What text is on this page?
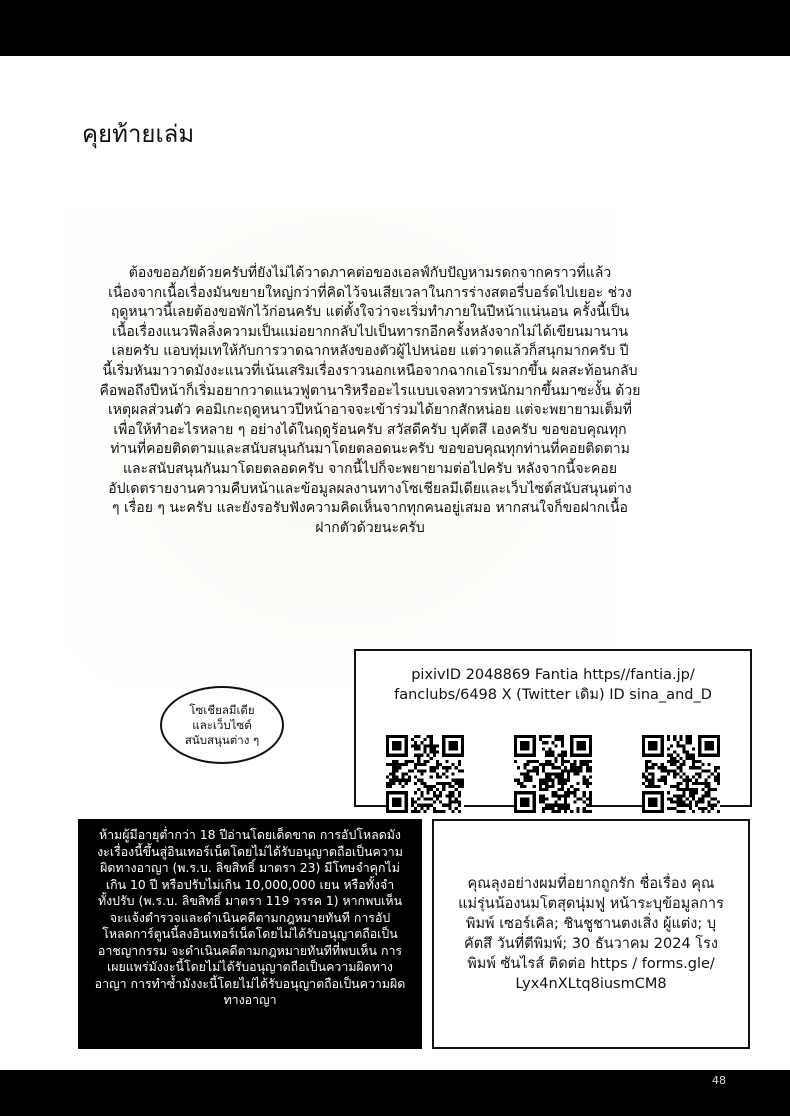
คุยท้ายเล่ม

ต้องขออภัยด้วยครับที่ยังไม่ได้วาดภาคต่อของเอลฟ์กับปัญหามรดกจากคราวที่แล้ว
เนื่องจากเนื้อเรื่องมันขยายใหญ่กว่าที่คิดไว้จนเสียเวลาในการร่างสตอรี่บอร์ดไปเยอะ ช่วง
ฤดูหนาวนี้เลยต้องขอพักไว้ก่อนครับ แต่ตั้งใจว่าจะเริ่มทำภายในปีหน้าแน่นอน ครั้งนี้เป็น
เนื้อเรื่องแนวฟีลลิ่งความเป็นแม่อยากกลับไปเป็นทารกอีกครั้งหลังจากไม่ได้เขียนมานาน
เลยครับ แอบทุ่มเทให้กับการวาดฉากหลังของตัวผู้ไปหน่อย แต่วาดแล้วก็สนุกมากครับ ปี
นี้เริ่มหันมาวาดมังงะแนวที่เน้นเสริมเรื่องราวนอกเหนือจากฉากเอโรมากขึ้น ผลสะท้อนกลับ
คือพอถึงปีหน้าก็เริ่มอยากวาดแนวฟูตานาริหรืออะไรแบบเจลทวารหนักมากขึ้นมาซะงั้น ด้วย
เหตุผลส่วนตัว คอมิเกะฤดูหนาวปีหน้าอาจจะเข้าร่วมได้ยากสักหน่อย แต่จะพยายามเต็มที่
เพื่อให้ทำอะไรหลาย ๆ อย่างได้ในฤดูร้อนครับ สวัสดีครับ บุคัตสึ เองครับ ขอขอบคุณทุก
ท่านที่คอยติดตามและสนับสนุนกันมาโดยตลอดนะครับ ขอขอบคุณทุกท่านที่คอยติดตาม
และสนับสนุนกันมาโดยตลอดครับ จากนี้ไปก็จะพยายามต่อไปครับ หลังจากนี้จะคอย
อัปเดตรายงานความคืบหน้าและข้อมูลผลงานทางโซเชียลมีเดียและเว็บไซต์สนับสนุนต่าง
ๆ เรื่อย ๆ นะครับ และยังรอรับฟังความคิดเห็นจากทุกคนอยู่เสมอ หากสนใจก็ขอฝากเนื้อ
ฝากตัวด้วยนะครับ

โซเชียลมีเดีย
และเว็บไซต์
สนับสนุนต่าง ๆ
pixivID 2048869 Fantia https//fantia.jp/
fanclubs/6498 X (Twitter เดิม) ID sina_and_D

ห้ามผู้มีอายุต่ำกว่า 18 ปีอ่านโดยเด็ดขาด การอัปโหลดมัง
งะเรื่องนี้ขึ้นสู่อินเทอร์เน็ตโดยไม่ได้รับอนุญาตถือเป็นความ
ผิดทางอาญา (พ.ร.บ. ลิขสิทธิ์ มาตรา 23) มีโทษจำคุกไม่
เกิน 10 ปี หรือปรับไม่เกิน 10,000,000 เยน หรือทั้งจำ
ทั้งปรับ (พ.ร.บ. ลิขสิทธิ์ มาตรา 119 วรรค 1) หากพบเห็น
จะแจ้งตำรวจและดำเนินคดีตามกฎหมายทันที การอัป
โหลดการ์ตูนนี้ลงอินเทอร์เน็ตโดยไม่ได้รับอนุญาตถือเป็น
อาชญากรรม จะดำเนินคดีตามกฎหมายทันทีที่พบเห็น การ
เผยแพร่มังงะนี้โดยไม่ได้รับอนุญาตถือเป็นความผิดทาง
อาญา การทำซ้ำมังงะนี้โดยไม่ได้รับอนุญาตถือเป็นความผิด
ทางอาญา

คุณลุงอย่างผมที่อยากถูกรัก ชื่อเรื่อง คุณ
แม่รุ่นน้องนมโตสุดนุ่มฟู หน้าระบุข้อมูลการ
พิมพ์ เซอร์เคิล; ชินชูชานตงเสิ่ง ผู้แต่ง; บุ
คัตสึ วันที่ตีพิมพ์; 30 ธันวาคม 2024 โรง
พิมพ์ ซันไรส์ ติดต่อ https / forms.gle/
Lyx4nXLtq8iusmCM8

48
